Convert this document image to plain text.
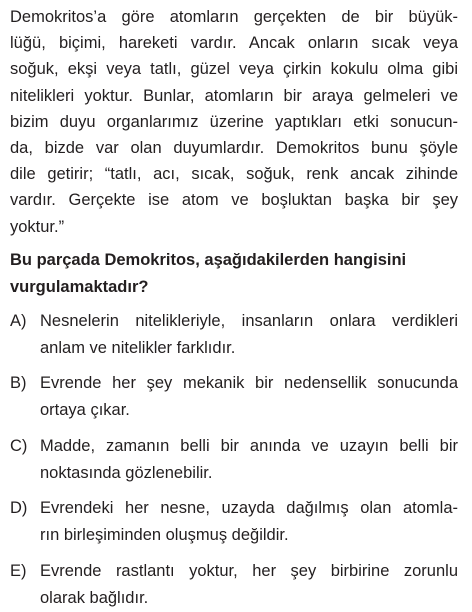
Demokritos’a göre atomların gerçekten de bir büyük-
lüğü, biçimi, hareketi vardır. Ancak onların sıcak veya
soğuk, ekşi veya tatlı, güzel veya çirkin kokulu olma gibi
nitelikleri yoktur. Bunlar, atomların bir araya gelmeleri ve
bizim duyu organlarımız üzerine yaptıkları etki sonucun-
da, bizde var olan duyumlardır. Demokritos bunu şöyle
dile getirir; “tatlı, acı, sıcak, soğuk, renk ancak zihinde
vardır. Gerçekte ise atom ve boşluktan başka bir şey
yoktur.”
Bu parçada Demokritos, aşağıdakilerden hangisini
vurgulamaktadır?
A) Nesnelerin nitelikleriyle, insanların onlara verdikleri
anlam ve nitelikler farklıdır.
B) Evrende her şey mekanik bir nedensellik sonucunda
ortaya çıkar.
C) Madde, zamanın belli bir anında ve uzayın belli bir
noktasında gözlenebilir.
D) Evrendeki her nesne, uzayda dağılmış olan atomla-
rın birleşiminden oluşmuş değildir.
E) Evrende rastlantı yoktur, her şey birbirine zorunlu
olarak bağlıdır.
